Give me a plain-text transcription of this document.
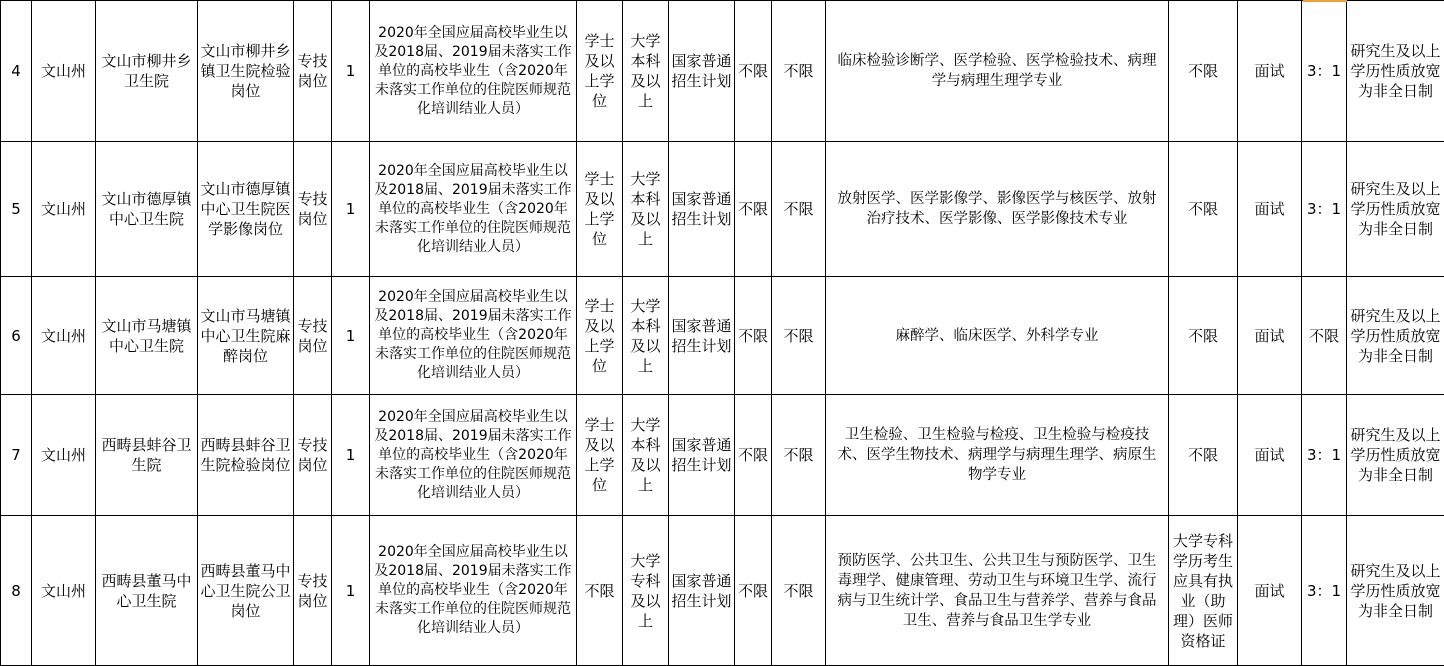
4	文山州	文山市柳井乡卫生院	文山市柳井乡镇卫生院检验岗位	专技岗位	1	2020年全国应届高校毕业生以及2018届、2019届未落实工作单位的高校毕业生（含2020年未落实工作单位的住院医师规范化培训结业人员）	学士及以上学位	大学本科及以上	国家普通招生计划	不限	不限	临床检验诊断学、医学检验、医学检验技术、病理学与病理生理学专业	不限	面试	3：1	研究生及以上学历性质放宽为非全日制
5	文山州	文山市德厚镇中心卫生院	文山市德厚镇中心卫生院医学影像岗位	专技岗位	1	2020年全国应届高校毕业生以及2018届、2019届未落实工作单位的高校毕业生（含2020年未落实工作单位的住院医师规范化培训结业人员）	学士及以上学位	大学本科及以上	国家普通招生计划	不限	不限	放射医学、医学影像学、影像医学与核医学、放射治疗技术、医学影像、医学影像技术专业	不限	面试	3：1	研究生及以上学历性质放宽为非全日制
6	文山州	文山市马塘镇中心卫生院	文山市马塘镇中心卫生院麻醉岗位	专技岗位	1	2020年全国应届高校毕业生以及2018届、2019届未落实工作单位的高校毕业生（含2020年未落实工作单位的住院医师规范化培训结业人员）	学士及以上学位	大学本科及以上	国家普通招生计划	不限	不限	麻醉学、临床医学、外科学专业	不限	面试	不限	研究生及以上学历性质放宽为非全日制
7	文山州	西畴县蚌谷卫生院	西畴县蚌谷卫生院检验岗位	专技岗位	1	2020年全国应届高校毕业生以及2018届、2019届未落实工作单位的高校毕业生（含2020年未落实工作单位的住院医师规范化培训结业人员）	学士及以上学位	大学本科及以上	国家普通招生计划	不限	不限	卫生检验、卫生检验与检疫、卫生检验与检疫技术、医学生物技术、病理学与病理生理学、病原生物学专业	不限	面试	3：1	研究生及以上学历性质放宽为非全日制
8	文山州	西畴县董马中心卫生院	西畴县董马中心卫生院公卫岗位	专技岗位	1	2020年全国应届高校毕业生以及2018届、2019届未落实工作单位的高校毕业生（含2020年未落实工作单位的住院医师规范化培训结业人员）	不限	大学专科及以上	国家普通招生计划	不限	不限	预防医学、公共卫生、公共卫生与预防医学、卫生毒理学、健康管理、劳动卫生与环境卫生学、流行病与卫生统计学、食品卫生与营养学、营养与食品卫生、营养与食品卫生学专业	大学专科学历考生应具有执业（助理）医师资格证	面试	3：1	研究生及以上学历性质放宽为非全日制
